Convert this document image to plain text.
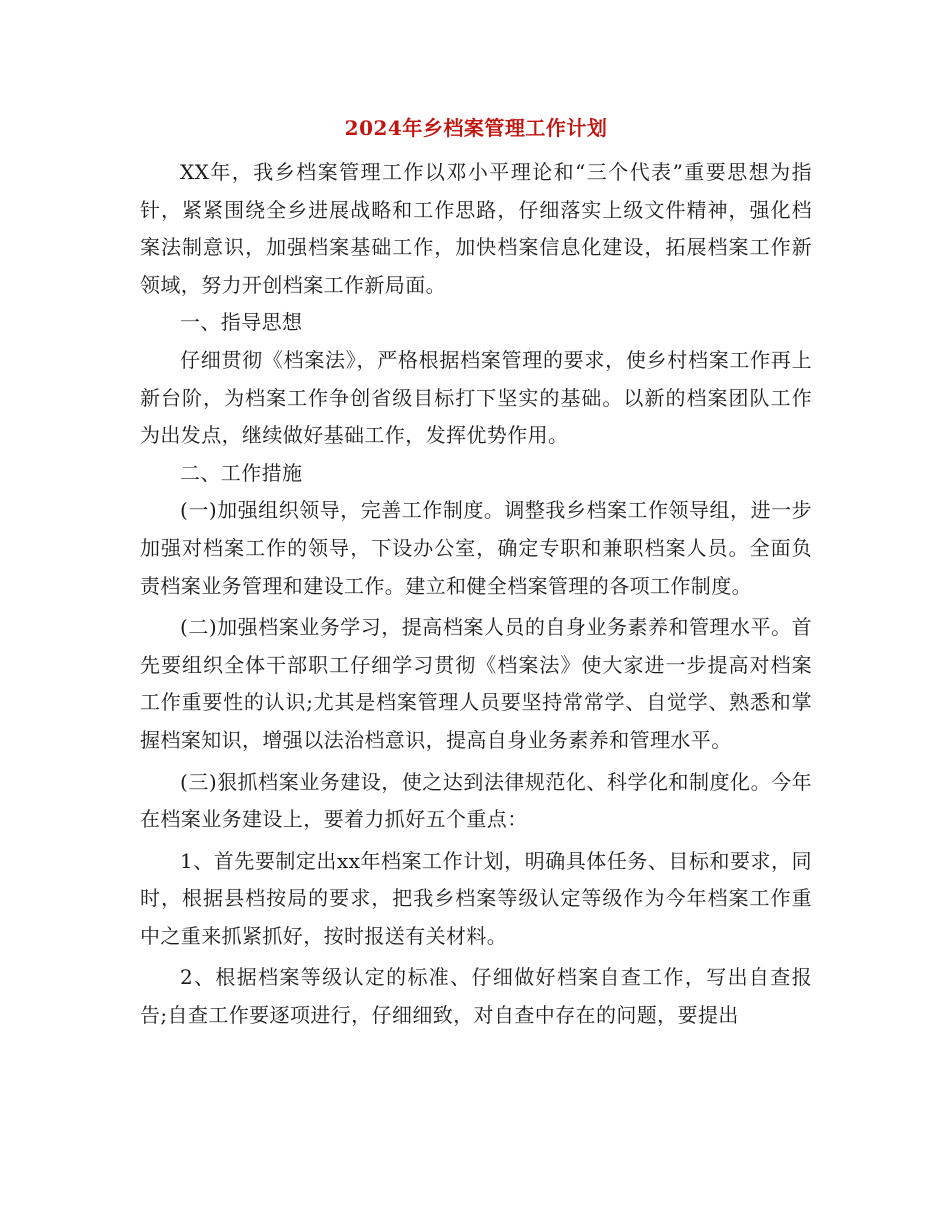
2024年乡档案管理工作计划

XX年，我乡档案管理工作以邓小平理论和“三个代表”重要思想为指针，紧紧围绕全乡进展战略和工作思路，仔细落实上级文件精神，强化档案法制意识，加强档案基础工作，加快档案信息化建设，拓展档案工作新领域，努力开创档案工作新局面。

一、指导思想

仔细贯彻《档案法》，严格根据档案管理的要求，使乡村档案工作再上新台阶，为档案工作争创省级目标打下坚实的基础。以新的档案团队工作为出发点，继续做好基础工作，发挥优势作用。

二、工作措施

(一)加强组织领导，完善工作制度。调整我乡档案工作领导组，进一步加强对档案工作的领导，下设办公室，确定专职和兼职档案人员。全面负责档案业务管理和建设工作。建立和健全档案管理的各项工作制度。

(二)加强档案业务学习，提高档案人员的自身业务素养和管理水平。首先要组织全体干部职工仔细学习贯彻《档案法》使大家进一步提高对档案工作重要性的认识;尤其是档案管理人员要坚持常常学、自觉学、熟悉和掌握档案知识，增强以法治档意识，提高自身业务素养和管理水平。

(三)狠抓档案业务建设，使之达到法律规范化、科学化和制度化。今年在档案业务建设上，要着力抓好五个重点：

1、首先要制定出xx年档案工作计划，明确具体任务、目标和要求，同时，根据县档按局的要求，把我乡档案等级认定等级作为今年档案工作重中之重来抓紧抓好，按时报送有关材料。

2、根据档案等级认定的标准、仔细做好档案自查工作，写出自查报告;自查工作要逐项进行，仔细细致，对自查中存在的问题，要提出
